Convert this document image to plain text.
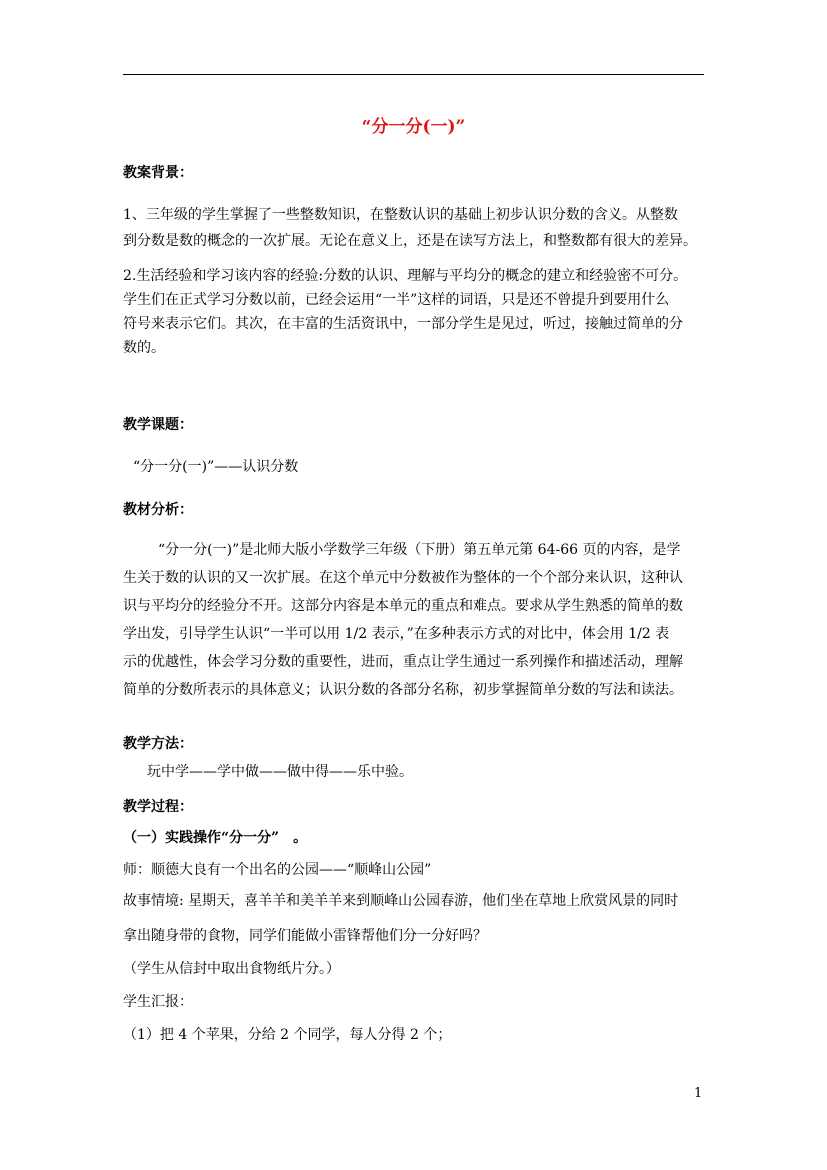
“分一分(一)”
教案背景：
1、三年级的学生掌握了一些整数知识，在整数认识的基础上初步认识分数的含义。从整数
到分数是数的概念的一次扩展。无论在意义上，还是在读写方法上，和整数都有很大的差异。
2.生活经验和学习该内容的经验:分数的认识、理解与平均分的概念的建立和经验密不可分。
学生们在正式学习分数以前，已经会运用“一半”这样的词语，只是还不曾提升到要用什么
符号来表示它们。其次，在丰富的生活资讯中，一部分学生是见过，听过，接触过简单的分
数的。
教学课题：
“分一分(一)”——认识分数
教材分析：
“分一分(一)”是北师大版小学数学三年级（下册）第五单元第 64-66 页的内容，是学
生关于数的认识的又一次扩展。在这个单元中分数被作为整体的一个个部分来认识，这种认
识与平均分的经验分不开。这部分内容是本单元的重点和难点。要求从学生熟悉的简单的数
学出发，引导学生认识“一半可以用 1/2 表示，”在多种表示方式的对比中，体会用 1/2 表
示的优越性，体会学习分数的重要性，进而，重点让学生通过一系列操作和描述活动，理解
简单的分数所表示的具体意义；认识分数的各部分名称，初步掌握简单分数的写法和读法。
教学方法：
玩中学——学中做——做中得——乐中验。
教学过程：
（一）实践操作“分一分”　。
师：顺德大良有一个出名的公园——“顺峰山公园”
故事情境: 星期天，喜羊羊和美羊羊来到顺峰山公园春游，他们坐在草地上欣赏风景的同时
拿出随身带的食物，同学们能做小雷锋帮他们分一分好吗？
（学生从信封中取出食物纸片分。）
学生汇报：
（1）把 4 个苹果，分给 2 个同学，每人分得 2 个；
1
